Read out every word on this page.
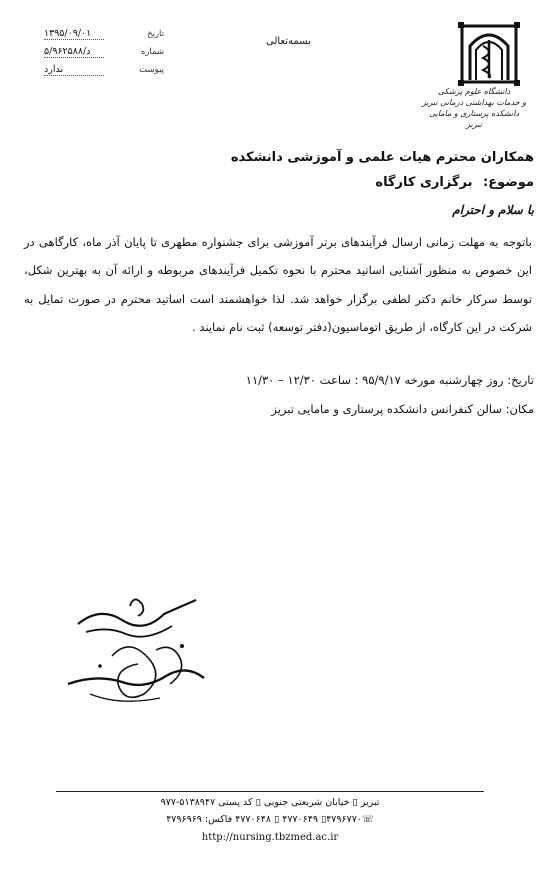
تاریخ
۱۳۹۵/۰۹/۰۱
شماره
۵/د/۹۶۲۵۸۸
پیوست
ندارد
بسمه‌تعالی
دانشگاه علوم پزشکی
و خدمات بهداشتی درمانی تبریز
دانشکده پرستاری و مامایی تبریز
همکاران محترم هیات علمی و آموزشی دانشکده
موضوع: برگزاری کارگاه
با سلام و احترام
باتوجه به مهلت زمانی ارسال فرآیندهای برتر آموزشی برای جشنواره مطهری تا پایان آذر ماه، کارگاهی در این خصوص به منظور آشنایی اساتید محترم با نحوه تکمیل فرآیندهای مربوطه و ارائه آن به بهترین شکل، توسط سرکار خانم دکتر لطفی برگزار خواهد شد. لذا خواهشمند است اساتید محترم در صورت تمایل به شرکت در این کارگاه، از طریق اتوماسیون(دفتر توسعه) ثبت نام نمایند .
تاریخ: روز چهارشنبه مورخه ۹۵/۹/۱۷ : ساعت ۱۲/۳۰ – ۱۱/۳۰
مکان: سالن کنفرانس دانشکده پرستاری و مامایی تبریز
تبریز ▯ خیابان شریعتی جنوبی ▯ کد پستی ۵۱۳۸۹۴۷-۹۷۷
☏۴۷۹۶۷۷۰▯ ۴۷۷۰۶۴۹ ▯ ۴۷۷۰۶۴۸ فاکس: ۴۷۹۶۹۶۹
http://nursing.tbzmed.ac.ir
